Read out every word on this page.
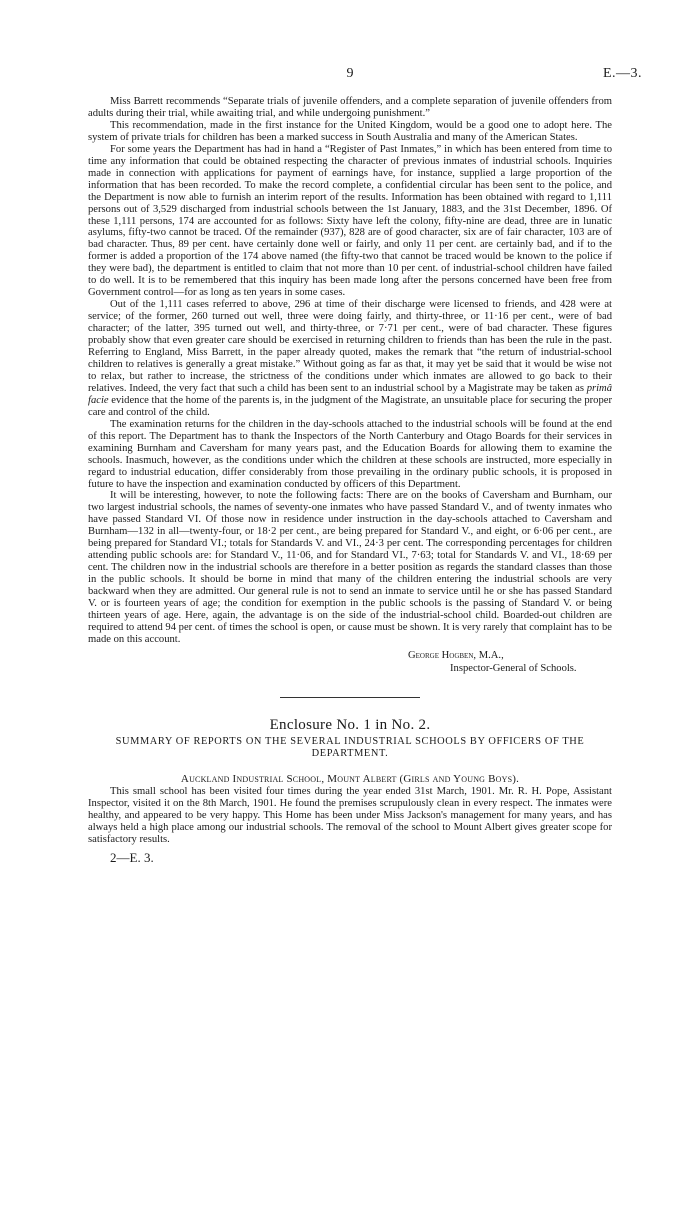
9	E.—3.

Miss Barrett recommends “Separate trials of juvenile offenders, and a complete separation of juvenile offenders from adults during their trial, while awaiting trial, and while undergoing punishment.”

This recommendation, made in the first instance for the United Kingdom, would be a good one to adopt here. The system of private trials for children has been a marked success in South Australia and many of the American States.

For some years the Department has had in hand a “Register of Past Inmates,” in which has been entered from time to time any information that could be obtained respecting the character of previous inmates of industrial schools. Inquiries made in connection with applications for payment of earnings have, for instance, supplied a large proportion of the information that has been recorded. To make the record complete, a confidential circular has been sent to the police, and the Department is now able to furnish an interim report of the results. Information has been obtained with regard to 1,111 persons out of 3,529 discharged from industrial schools between the 1st January, 1883, and the 31st December, 1896. Of these 1,111 persons, 174 are accounted for as follows: Sixty have left the colony, fifty-nine are dead, three are in lunatic asylums, fifty-two cannot be traced. Of the remainder (937), 828 are of good character, six are of fair character, 103 are of bad character. Thus, 89 per cent. have certainly done well or fairly, and only 11 per cent. are certainly bad, and if to the former is added a proportion of the 174 above named (the fifty-two that cannot be traced would be known to the police if they were bad), the department is entitled to claim that not more than 10 per cent. of industrial-school children have failed to do well. It is to be remembered that this inquiry has been made long after the persons concerned have been free from Government control—for as long as ten years in some cases.

Out of the 1,111 cases referred to above, 296 at time of their discharge were licensed to friends, and 428 were at service; of the former, 260 turned out well, three were doing fairly, and thirty-three, or 11·16 per cent., were of bad character; of the latter, 395 turned out well, and thirty-three, or 7·71 per cent., were of bad character. These figures probably show that even greater care should be exercised in returning children to friends than has been the rule in the past. Referring to England, Miss Barrett, in the paper already quoted, makes the remark that “the return of industrial-school children to relatives is generally a great mistake.” Without going as far as that, it may yet be said that it would be wise not to relax, but rather to increase, the strictness of the conditions under which inmates are allowed to go back to their relatives. Indeed, the very fact that such a child has been sent to an industrial school by a Magistrate may be taken as primâ facie evidence that the home of the parents is, in the judgment of the Magistrate, an unsuitable place for securing the proper care and control of the child.

The examination returns for the children in the day-schools attached to the industrial schools will be found at the end of this report. The Department has to thank the Inspectors of the North Canterbury and Otago Boards for their services in examining Burnham and Caversham for many years past, and the Education Boards for allowing them to examine the schools. Inasmuch, however, as the conditions under which the children at these schools are instructed, more especially in regard to industrial education, differ considerably from those prevailing in the ordinary public schools, it is proposed in future to have the inspection and examination conducted by officers of this Department.

It will be interesting, however, to note the following facts: There are on the books of Caversham and Burnham, our two largest industrial schools, the names of seventy-one inmates who have passed Standard V., and of twenty inmates who have passed Standard VI. Of those now in residence under instruction in the day-schools attached to Caversham and Burnham—132 in all—twenty-four, or 18·2 per cent., are being prepared for Standard V., and eight, or 6·06 per cent., are being prepared for Standard VI.; totals for Standards V. and VI., 24·3 per cent. The corresponding percentages for children attending public schools are: for Standard V., 11·06, and for Standard VI., 7·63; total for Standards V. and VI., 18·69 per cent. The children now in the industrial schools are therefore in a better position as regards the standard classes than those in the public schools. It should be borne in mind that many of the children entering the industrial schools are very backward when they are admitted. Our general rule is not to send an inmate to service until he or she has passed Standard V. or is fourteen years of age; the condition for exemption in the public schools is the passing of Standard V. or being thirteen years of age. Here, again, the advantage is on the side of the industrial-school child. Boarded-out children are required to attend 94 per cent. of times the school is open, or cause must be shown. It is very rarely that complaint has to be made on this account.

George Hogben, M.A.,
Inspector-General of Schools.
Enclosure No. 1 in No. 2.
SUMMARY OF REPORTS ON THE SEVERAL INDUSTRIAL SCHOOLS BY OFFICERS OF THE DEPARTMENT.
Auckland Industrial School, Mount Albert (Girls and Young Boys).

This small school has been visited four times during the year ended 31st March, 1901. Mr. R. H. Pope, Assistant Inspector, visited it on the 8th March, 1901. He found the premises scrupulously clean in every respect. The inmates were healthy, and appeared to be very happy. This Home has been under Miss Jackson's management for many years, and has always held a high place among our industrial schools. The removal of the school to Mount Albert gives greater scope for satisfactory results.

2—E. 3.
